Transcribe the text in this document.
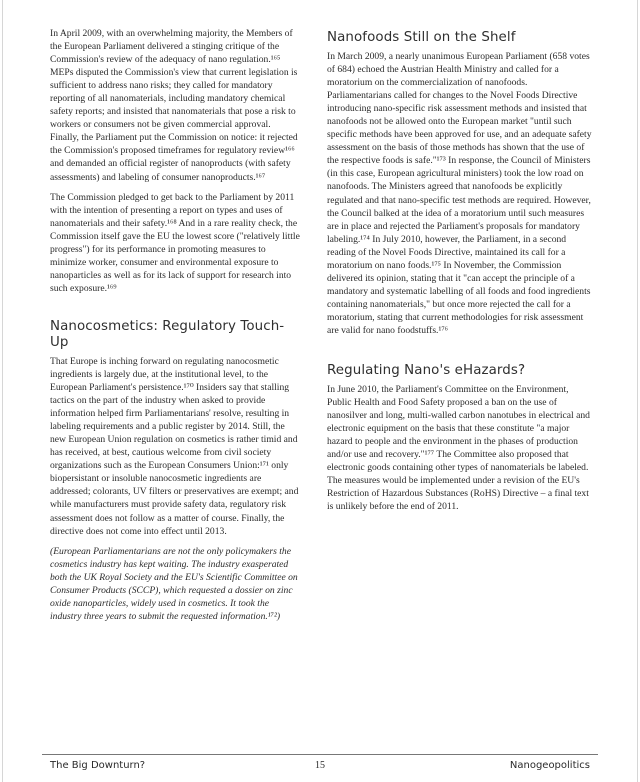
In April 2009, with an overwhelming majority, the Members of the European Parliament delivered a stinging critique of the Commission's review of the adequacy of nano regulation.¹⁶⁵ MEPs disputed the Commission's view that current legislation is sufficient to address nano risks; they called for mandatory reporting of all nanomaterials, including mandatory chemical safety reports; and insisted that nanomaterials that pose a risk to workers or consumers not be given commercial approval. Finally, the Parliament put the Commission on notice: it rejected the Commission's proposed timeframes for regulatory review¹⁶⁶ and demanded an official register of nanoproducts (with safety assessments) and labeling of consumer nanoproducts.¹⁶⁷

The Commission pledged to get back to the Parliament by 2011 with the intention of presenting a report on types and uses of nanomaterials and their safety.¹⁶⁸ And in a rare reality check, the Commission itself gave the EU the lowest score ("relatively little progress") for its performance in promoting measures to minimize worker, consumer and environmental exposure to nanoparticles as well as for its lack of support for research into such exposure.¹⁶⁹

Nanocosmetics: Regulatory Touch-Up

That Europe is inching forward on regulating nanocosmetic ingredients is largely due, at the institutional level, to the European Parliament's persistence.¹⁷⁰ Insiders say that stalling tactics on the part of the industry when asked to provide information helped firm Parliamentarians' resolve, resulting in labeling requirements and a public register by 2014. Still, the new European Union regulation on cosmetics is rather timid and has received, at best, cautious welcome from civil society organizations such as the European Consumers Union:¹⁷¹ only biopersistant or insoluble nanocosmetic ingredients are addressed; colorants, UV filters or preservatives are exempt; and while manufacturers must provide safety data, regulatory risk assessment does not follow as a matter of course. Finally, the directive does not come into effect until 2013.

(European Parliamentarians are not the only policymakers the cosmetics industry has kept waiting. The industry exasperated both the UK Royal Society and the EU's Scientific Committee on Consumer Products (SCCP), which requested a dossier on zinc oxide nanoparticles, widely used in cosmetics. It took the industry three years to submit the requested information.¹⁷²)

Nanofoods Still on the Shelf

In March 2009, a nearly unanimous European Parliament (658 votes of 684) echoed the Austrian Health Ministry and called for a moratorium on the commercialization of nanofoods. Parliamentarians called for changes to the Novel Foods Directive introducing nano-specific risk assessment methods and insisted that nanofoods not be allowed onto the European market "until such specific methods have been approved for use, and an adequate safety assessment on the basis of those methods has shown that the use of the respective foods is safe."¹⁷³ In response, the Council of Ministers (in this case, European agricultural ministers) took the low road on nanofoods. The Ministers agreed that nanofoods be explicitly regulated and that nano-specific test methods are required. However, the Council balked at the idea of a moratorium until such measures are in place and rejected the Parliament's proposals for mandatory labeling.¹⁷⁴ In July 2010, however, the Parliament, in a second reading of the Novel Foods Directive, maintained its call for a moratorium on nano foods.¹⁷⁵ In November, the Commission delivered its opinion, stating that it "can accept the principle of a mandatory and systematic labelling of all foods and food ingredients containing nanomaterials," but once more rejected the call for a moratorium, stating that current methodologies for risk assessment are valid for nano foodstuffs.¹⁷⁶

Regulating Nano's eHazards?

In June 2010, the Parliament's Committee on the Environment, Public Health and Food Safety proposed a ban on the use of nanosilver and long, multi-walled carbon nanotubes in electrical and electronic equipment on the basis that these constitute "a major hazard to people and the environment in the phases of production and/or use and recovery."¹⁷⁷ The Committee also proposed that electronic goods containing other types of nanomaterials be labeled. The measures would be implemented under a revision of the EU's Restriction of Hazardous Substances (RoHS) Directive – a final text is unlikely before the end of 2011.

The Big Downturn?	15	Nanogeopolitics
